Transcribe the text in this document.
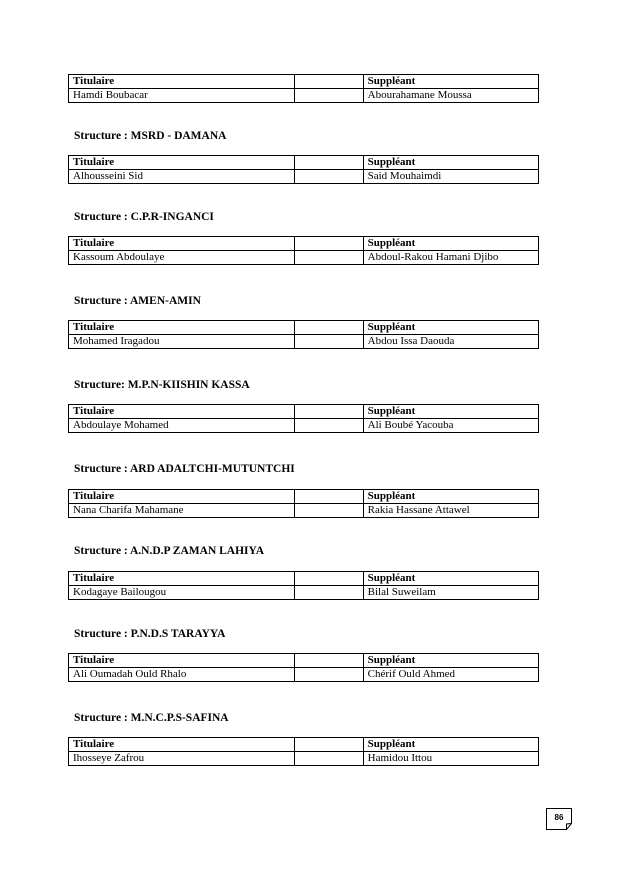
Titulaire		Suppléant
Hamdi Boubacar		Abourahamane Moussa
Structure : MSRD - DAMANA
Titulaire		Suppléant
Alhousseini Sid		Said Mouhaimdi
Structure : C.P.R-INGANCI
Titulaire		Suppléant
Kassoum Abdoulaye		Abdoul-Rakou Hamani Djibo
Structure : AMEN-AMIN
Titulaire		Suppléant
Mohamed Iragadou		Abdou Issa Daouda
Structure: M.P.N-KIISHIN KASSA
Titulaire		Suppléant
Abdoulaye Mohamed		Ali Boubé Yacouba
Structure : ARD ADALTCHI-MUTUNTCHI
Titulaire		Suppléant
Nana Charifa Mahamane		Rakia Hassane Attawel
Structure : A.N.D.P ZAMAN LAHIYA
Titulaire		Suppléant
Kodagaye Bailougou		Bilal Suweilam
Structure : P.N.D.S TARAYYA
Titulaire		Suppléant
Ali Oumadah Ould Rhalo		Chérif Ould Ahmed
Structure : M.N.C.P.S-SAFINA
Titulaire		Suppléant
Ihosseye Zafrou		Hamidou Ittou
86
